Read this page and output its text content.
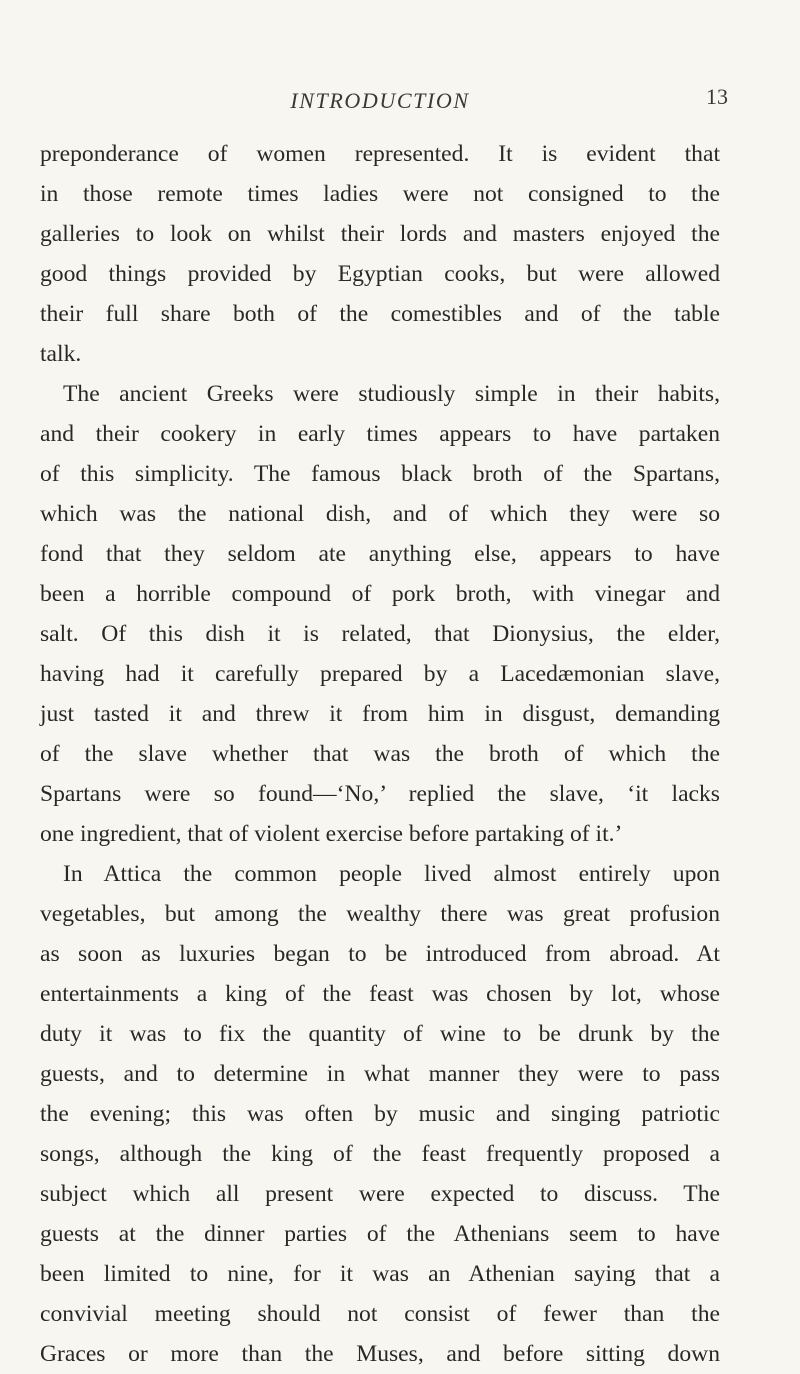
INTRODUCTION	13
preponderance of women represented. It is evident that
in those remote times ladies were not consigned to the
galleries to look on whilst their lords and masters enjoyed the
good things provided by Egyptian cooks, but were allowed
their full share both of the comestibles and of the table
talk.
The ancient Greeks were studiously simple in their habits,
and their cookery in early times appears to have partaken
of this simplicity. The famous black broth of the Spartans,
which was the national dish, and of which they were so
fond that they seldom ate anything else, appears to have
been a horrible compound of pork broth, with vinegar and
salt. Of this dish it is related, that Dionysius, the elder,
having had it carefully prepared by a Lacedæmonian slave,
just tasted it and threw it from him in disgust, demanding
of the slave whether that was the broth of which the
Spartans were so found—‘No,’ replied the slave, ‘it lacks
one ingredient, that of violent exercise before partaking of it.’
In Attica the common people lived almost entirely upon
vegetables, but among the wealthy there was great profusion
as soon as luxuries began to be introduced from abroad. At
entertainments a king of the feast was chosen by lot, whose
duty it was to fix the quantity of wine to be drunk by the
guests, and to determine in what manner they were to pass
the evening; this was often by music and singing patriotic
songs, although the king of the feast frequently proposed a
subject which all present were expected to discuss. The
guests at the dinner parties of the Athenians seem to have
been limited to nine, for it was an Athenian saying that a
convivial meeting should not consist of fewer than the
Graces or more than the Muses, and before sitting down
